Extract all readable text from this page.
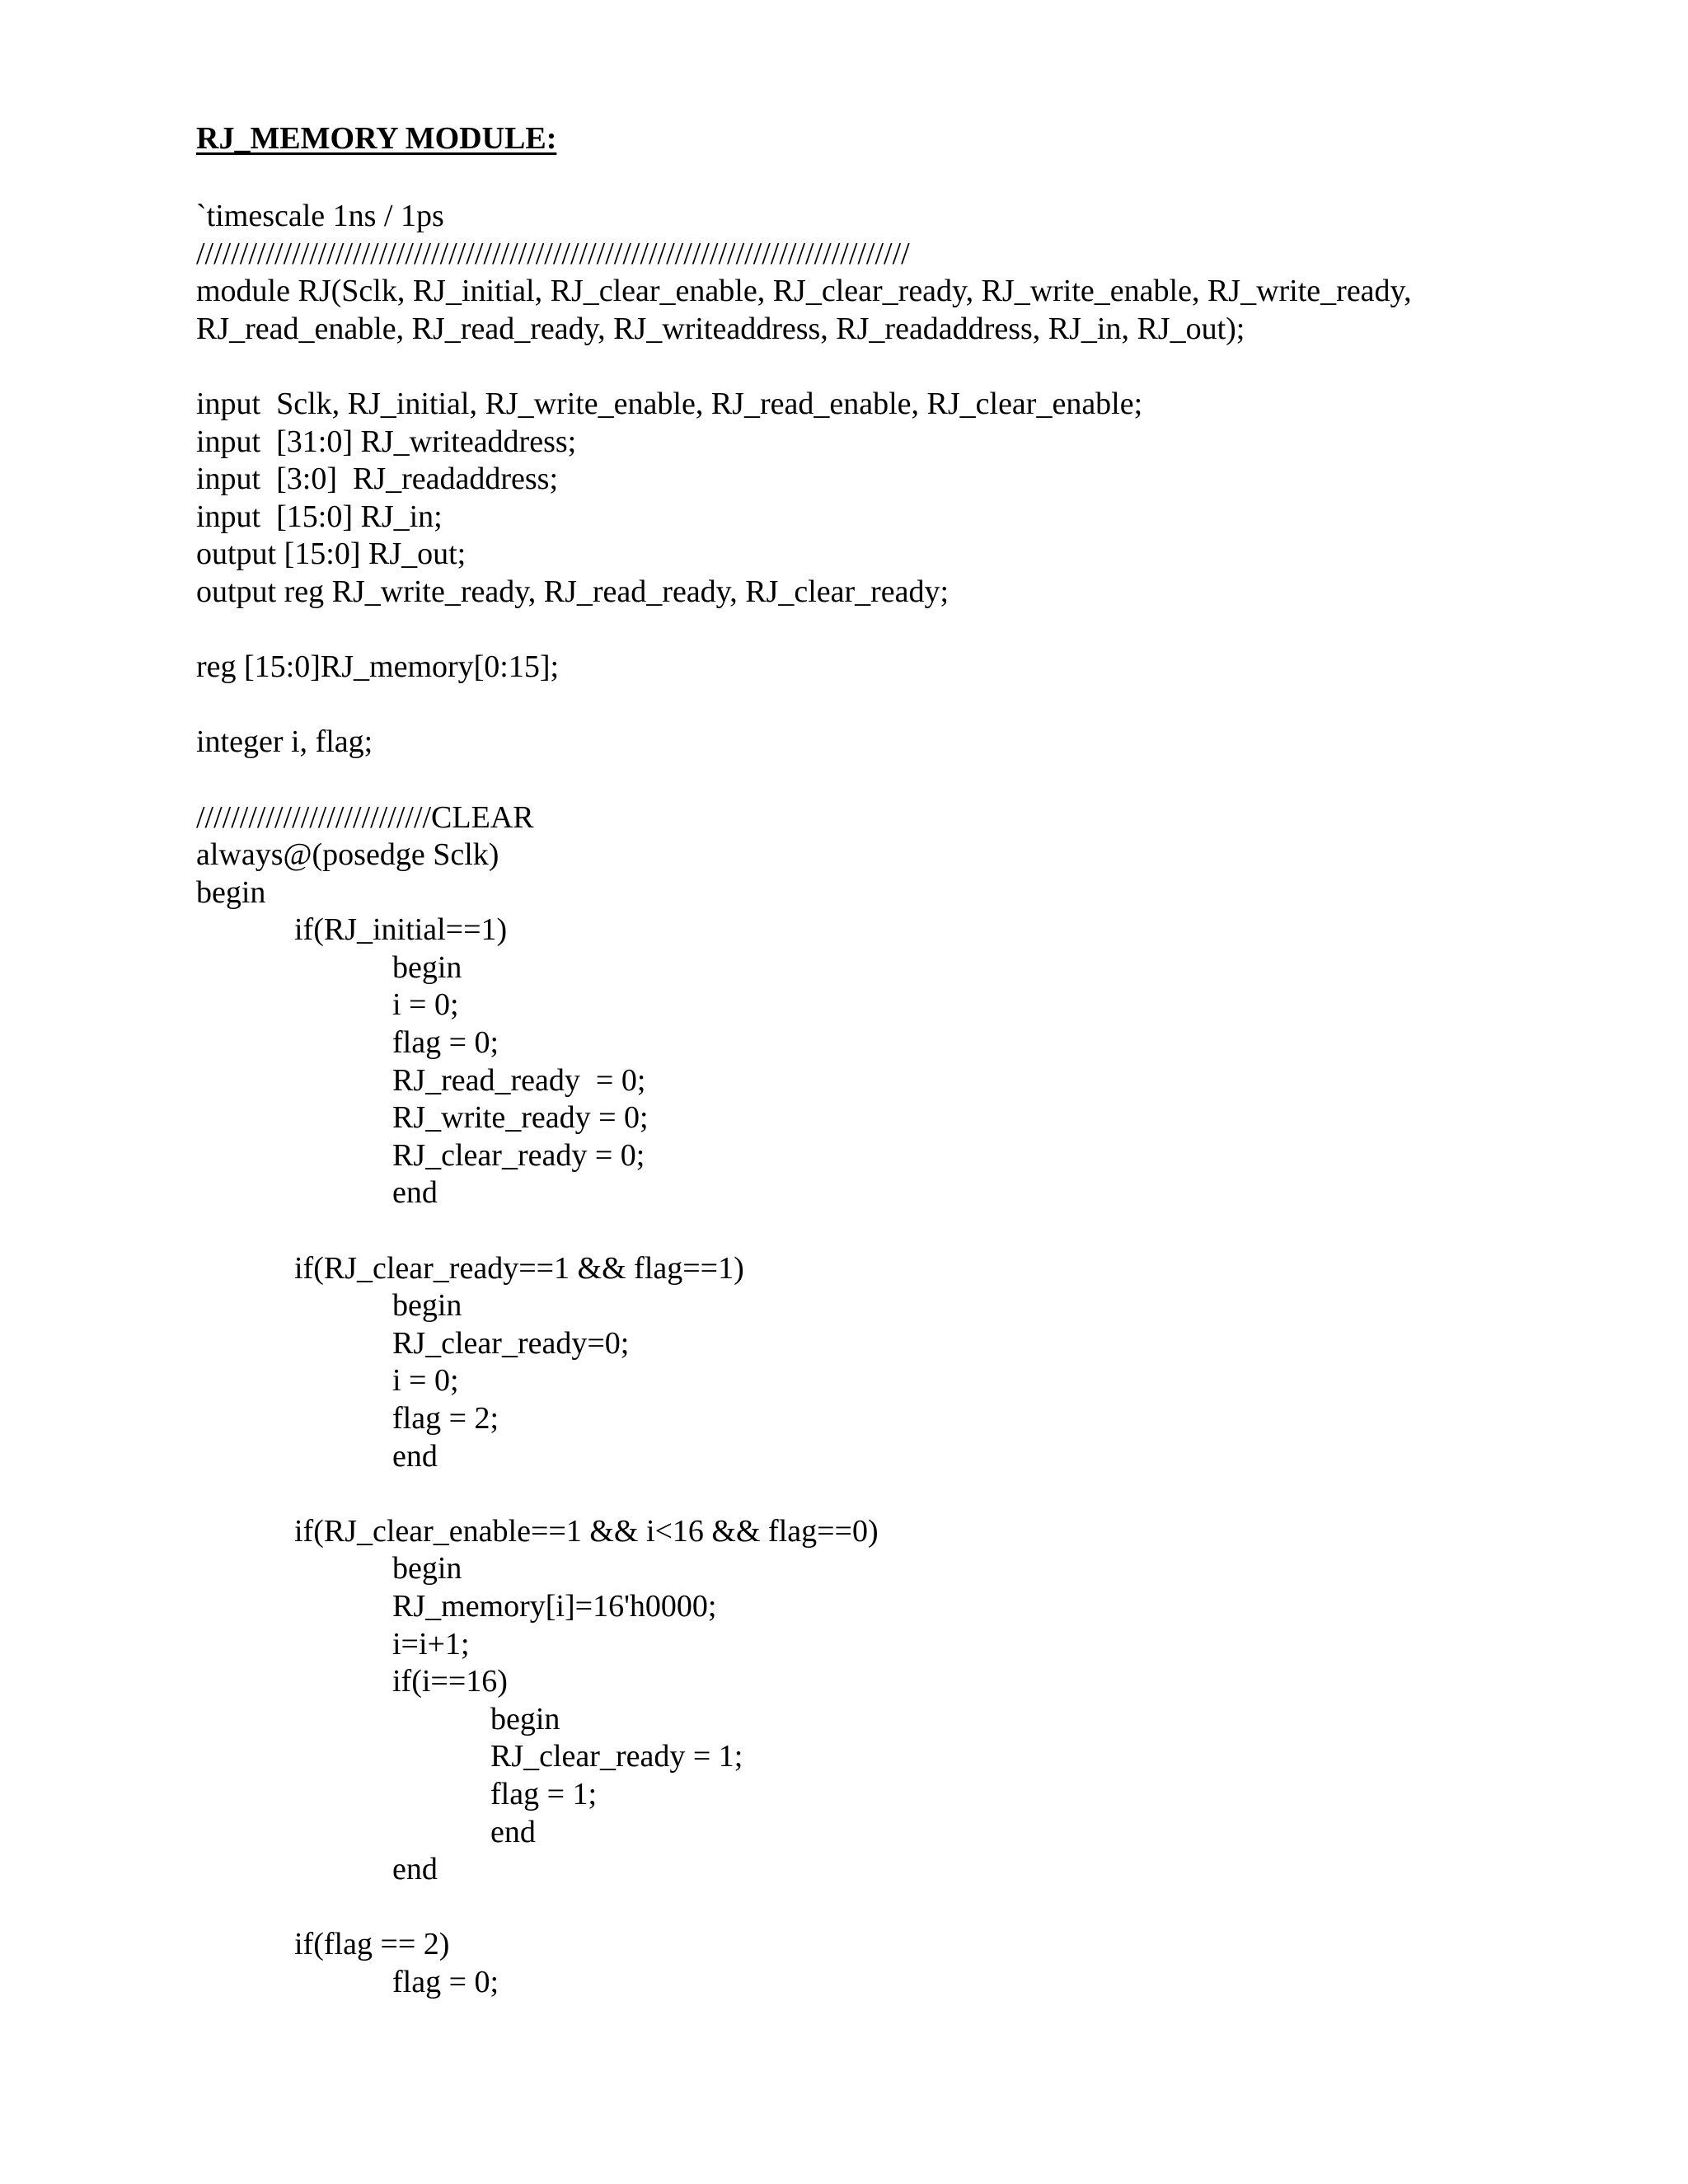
RJ_MEMORY MODULE:
`timescale 1ns / 1ps
//////////////////////////////////////////////////////////////////////////////////
module RJ(Sclk, RJ_initial, RJ_clear_enable, RJ_clear_ready, RJ_write_enable, RJ_write_ready,
RJ_read_enable, RJ_read_ready, RJ_writeaddress, RJ_readaddress, RJ_in, RJ_out);
input  Sclk, RJ_initial, RJ_write_enable, RJ_read_enable, RJ_clear_enable;
input  [31:0] RJ_writeaddress;
input  [3:0]  RJ_readaddress;
input  [15:0] RJ_in;
output [15:0] RJ_out;
output reg RJ_write_ready, RJ_read_ready, RJ_clear_ready;
reg [15:0]RJ_memory[0:15];
integer i, flag;
///////////////////////////CLEAR
always@(posedge Sclk)
begin
if(RJ_initial==1)
begin
i = 0;
flag = 0;
RJ_read_ready  = 0;
RJ_write_ready = 0;
RJ_clear_ready = 0;
end
if(RJ_clear_ready==1 && flag==1)
begin
RJ_clear_ready=0;
i = 0;
flag = 2;
end
if(RJ_clear_enable==1 && i<16 && flag==0)
begin
RJ_memory[i]=16'h0000;
i=i+1;
if(i==16)
begin
RJ_clear_ready = 1;
flag = 1;
end
end
if(flag == 2)
flag = 0;
